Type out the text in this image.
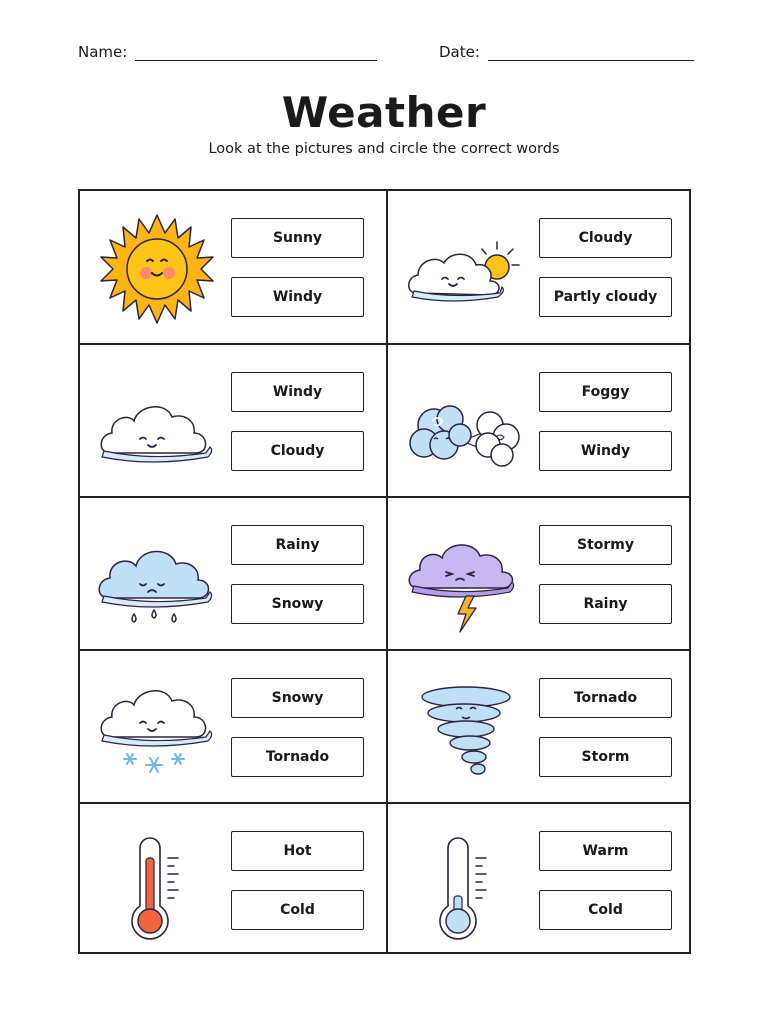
Name:	Date:
Weather
Look at the pictures and circle the correct words
Sunny
Windy
Cloudy
Partly cloudy
Windy
Cloudy
Foggy
Windy
Rainy
Snowy
Stormy
Rainy
Snowy
Tornado
Tornado
Storm
Hot
Cold
Warm
Cold
